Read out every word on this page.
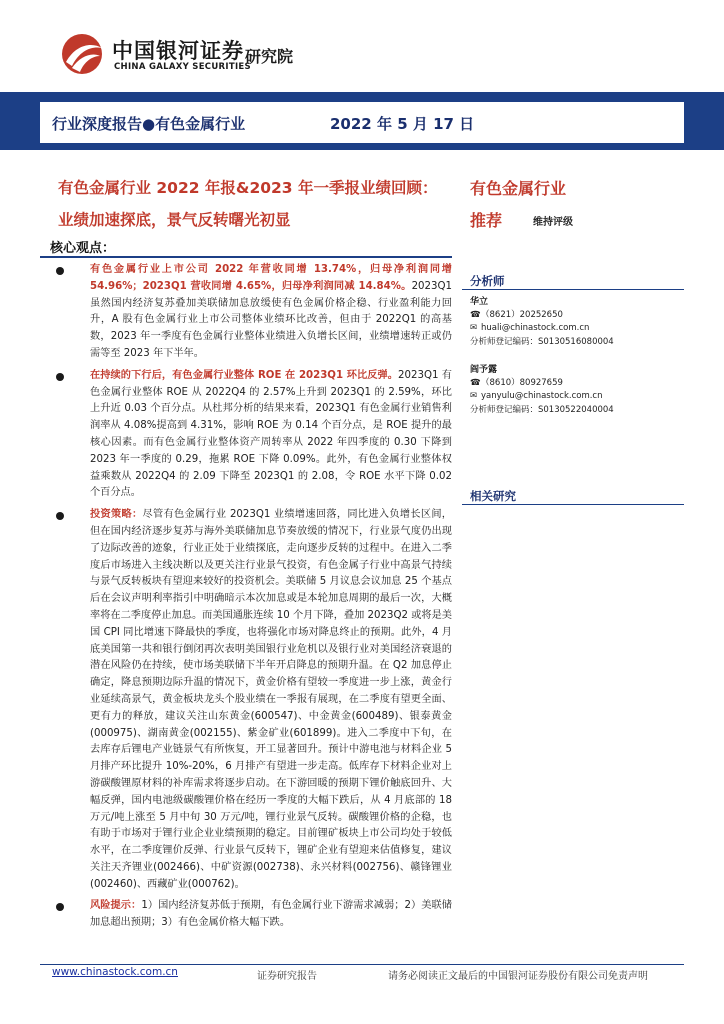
中国银河证券
CHINA GALAXY SECURITIES
研究院
行业深度报告●有色金属行业	2022 年 5 月 17 日
有色金属行业 2022 年报&2023 年一季报业绩回顾：
业绩加速探底，景气反转曙光初显
有色金属行业
推荐	维持评级
核心观点：
有色金属行业上市公司 2022 年营收同增 13.74%，归母净利润同增 54.96%；2023Q1 营收同增 4.65%，归母净利润同减 14.84%。2023Q1 虽然国内经济复苏叠加美联储加息放缓使有色金属价格企稳、行业盈利能力回升，A 股有色金属行业上市公司整体业绩环比改善，但由于 2022Q1 的高基数，2023 年一季度有色金属行业整体业绩进入负增长区间，业绩增速转正或仍需等至 2023 年下半年。
在持续的下行后，有色金属行业整体 ROE 在 2023Q1 环比反弹。2023Q1 有色金属行业整体 ROE 从 2022Q4 的 2.57%上升到 2023Q1 的 2.59%，环比上升近 0.03 个百分点。从杜邦分析的结果来看，2023Q1 有色金属行业销售利润率从 4.08%提高到 4.31%，影响 ROE 为 0.14 个百分点，是 ROE 提升的最核心因素。而有色金属行业整体资产周转率从 2022 年四季度的 0.30 下降到 2023 年一季度的 0.29，拖累 ROE 下降 0.09%。此外，有色金属行业整体权益乘数从 2022Q4 的 2.09 下降至 2023Q1 的 2.08，令 ROE 水平下降 0.02 个百分点。
投资策略：尽管有色金属行业 2023Q1 业绩增速回落，同比进入负增长区间，但在国内经济逐步复苏与海外美联储加息节奏放缓的情况下，行业景气度仍出现了边际改善的迹象，行业正处于业绩探底，走向逐步反转的过程中。在进入二季度后市场进入主线决断以及更关注行业景气投资，有色金属子行业中高景气持续与景气反转板块有望迎来较好的投资机会。美联储 5 月议息会议加息 25 个基点后在会议声明利率指引中明确暗示本次加息或是本轮加息周期的最后一次，大概率将在二季度停止加息。而美国通胀连续 10 个月下降，叠加 2023Q2 或将是美国 CPI 同比增速下降最快的季度，也将强化市场对降息终止的预期。此外，4 月底美国第一共和银行倒闭再次表明美国银行业危机以及银行业对美国经济衰退的潜在风险仍在持续，使市场美联储下半年开启降息的预期升温。在 Q2 加息停止确定，降息预期边际升温的情况下，黄金价格有望较一季度进一步上涨，黄金行业延续高景气，黄金板块龙头个股业绩在一季报有展现，在二季度有望更全面、更有力的释放，建议关注山东黄金(600547)、中金黄金(600489)、银泰黄金(000975)、湖南黄金(002155)、紫金矿业(601899)。进入二季度中下旬，在去库存后锂电产业链景气有所恢复，开工显著回升。预计中游电池与材料企业 5 月排产环比提升 10%-20%，6 月排产有望进一步走高。低库存下材料企业对上游碳酸锂原材料的补库需求将逐步启动。在下游回暖的预期下锂价触底回升、大幅反弹，国内电池级碳酸锂价格在经历一季度的大幅下跌后，从 4 月底部的 18 万元/吨上涨至 5 月中旬 30 万元/吨，锂行业景气反转。碳酸锂价格的企稳，也有助于市场对于锂行业企业业绩预期的稳定。目前锂矿板块上市公司均处于较低水平，在二季度锂价反弹、行业景气反转下，锂矿企业有望迎来估值修复，建议关注天齐锂业(002466)、中矿资源(002738)、永兴材料(002756)、赣锋锂业(002460)、西藏矿业(000762)。
风险提示：1）国内经济复苏低于预期，有色金属行业下游需求减弱；2）美联储加息超出预期；3）有色金属价格大幅下跌。
分析师
华立
☎（8621）20252650
✉ huali@chinastock.com.cn
分析师登记编码：S0130516080004
阎予露
☎（8610）80927659
✉ yanyulu@chinastock.com.cn
分析师登记编码：S0130522040004
相关研究
www.chinastock.com.cn	证券研究报告	请务必阅读正文最后的中国银河证券股份有限公司免责声明
